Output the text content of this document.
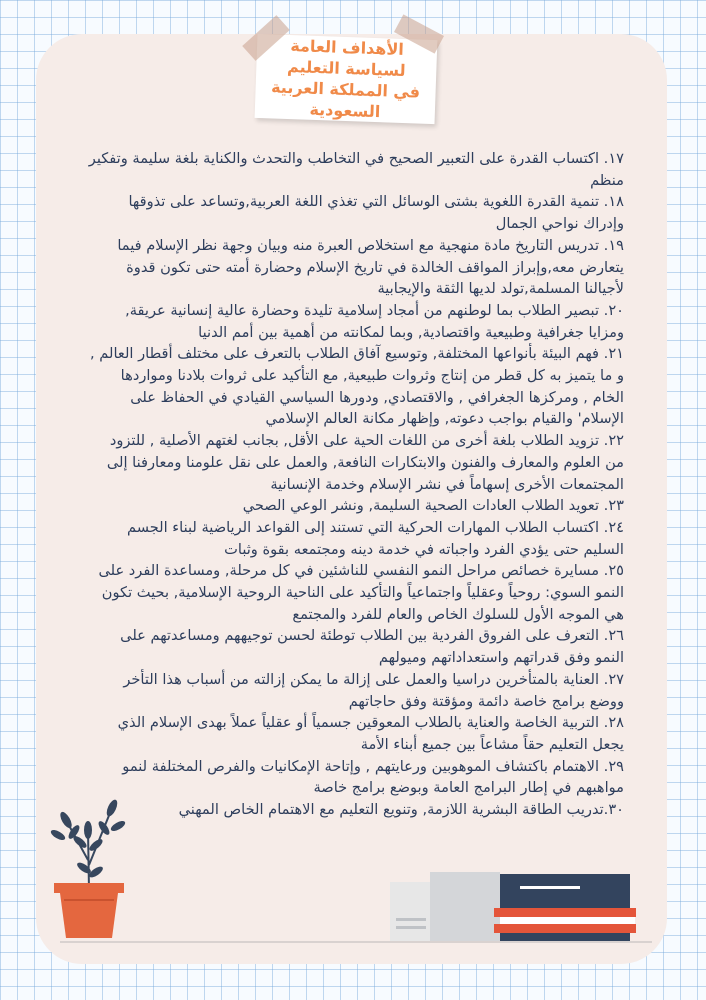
الأهداف العامة
لسياسة التعليم
في المملكة العربية
السعودية

١٧. اكتساب القدرة على التعبير الصحيح في التخاطب والتحدث والكناية بلغة سليمة وتفكير منظم

١٨. تنمية القدرة اللغوية بشتى الوسائل التي تغذي اللغة العربية,وتساعد على تذوقها وإدراك نواحي الجمال

١٩. تدريس التاريخ مادة منهجية مع استخلاص العبرة منه وبيان وجهة نظر الإسلام فيما يتعارض معه,وإبراز المواقف الخالدة في تاريخ الإسلام وحضارة أمته حتى تكون قدوة لأجيالنا المسلمة,تولد لديها الثقة والإيجابية

٢٠. تبصير الطلاب بما لوطنهم من أمجاد إسلامية تليدة وحضارة عالية إنسانية عريقة, ومزايا جغرافية وطبيعية واقتصادية, وبما لمكانته من أهمية بين أمم الدنيا

٢١. فهم البيئة بأنواعها المختلفة, وتوسيع آفاق الطلاب بالتعرف على مختلف أقطار العالم , و ما يتميز به كل قطر من إنتاج وثروات طبيعية, مع التأكيد على ثروات بلادنا ومواردها الخام , ومركزها الجغرافي , والاقتصادي, ودورها السياسي القيادي في الحفاظ على الإسلام' والقيام بواجب دعوته, وإظهار مكانة العالم الإسلامي

٢٢. تزويد الطلاب بلغة أخرى من اللغات الحية على الأقل, بجانب لغتهم الأصلية , للتزود من العلوم والمعارف والفنون والابتكارات النافعة, والعمل على نقل علومنا ومعارفنا إلى المجتمعات الأخرى إسهاماً في نشر الإسلام وخدمة الإنسانية

٢٣. تعويد الطلاب العادات الصحية السليمة, ونشر الوعي الصحي

٢٤. اكتساب الطلاب المهارات الحركية التي تستند إلى القواعد الرياضية لبناء الجسم السليم حتى يؤدي الفرد واجباته في خدمة دينه ومجتمعه بقوة وثبات

٢٥. مسايرة خصائص مراحل النمو النفسي للناشئين في كل مرحلة, ومساعدة الفرد على النمو السوي: روحياً وعقلياً واجتماعياً والتأكيد على الناحية الروحية الإسلامية, بحيث تكون هي الموجه الأول للسلوك الخاص والعام للفرد والمجتمع

٢٦. التعرف على الفروق الفردية بين الطلاب توطئة لحسن توجيههم ومساعدتهم على النمو وفق قدراتهم واستعداداتهم وميولهم

٢٧. العناية بالمتأخرين دراسيا والعمل على إزالة ما يمكن إزالته من أسباب هذا التأخر ووضع برامج خاصة دائمة ومؤقتة وفق حاجاتهم

٢٨. التربية الخاصة والعناية بالطلاب المعوقين جسمياً أو عقلياً عملاً بهدى الإسلام الذي يجعل التعليم حقاً مشاعاً بين جميع أبناء الأمة

٢٩. الاهتمام باكتشاف الموهوبين ورعايتهم , وإتاحة الإمكانيات والفرص المختلفة لنمو مواهبهم في إطار البرامج العامة وبوضع برامج خاصة

٣٠.تدريب الطاقة البشرية اللازمة, وتنويع التعليم مع الاهتمام الخاص المهني
